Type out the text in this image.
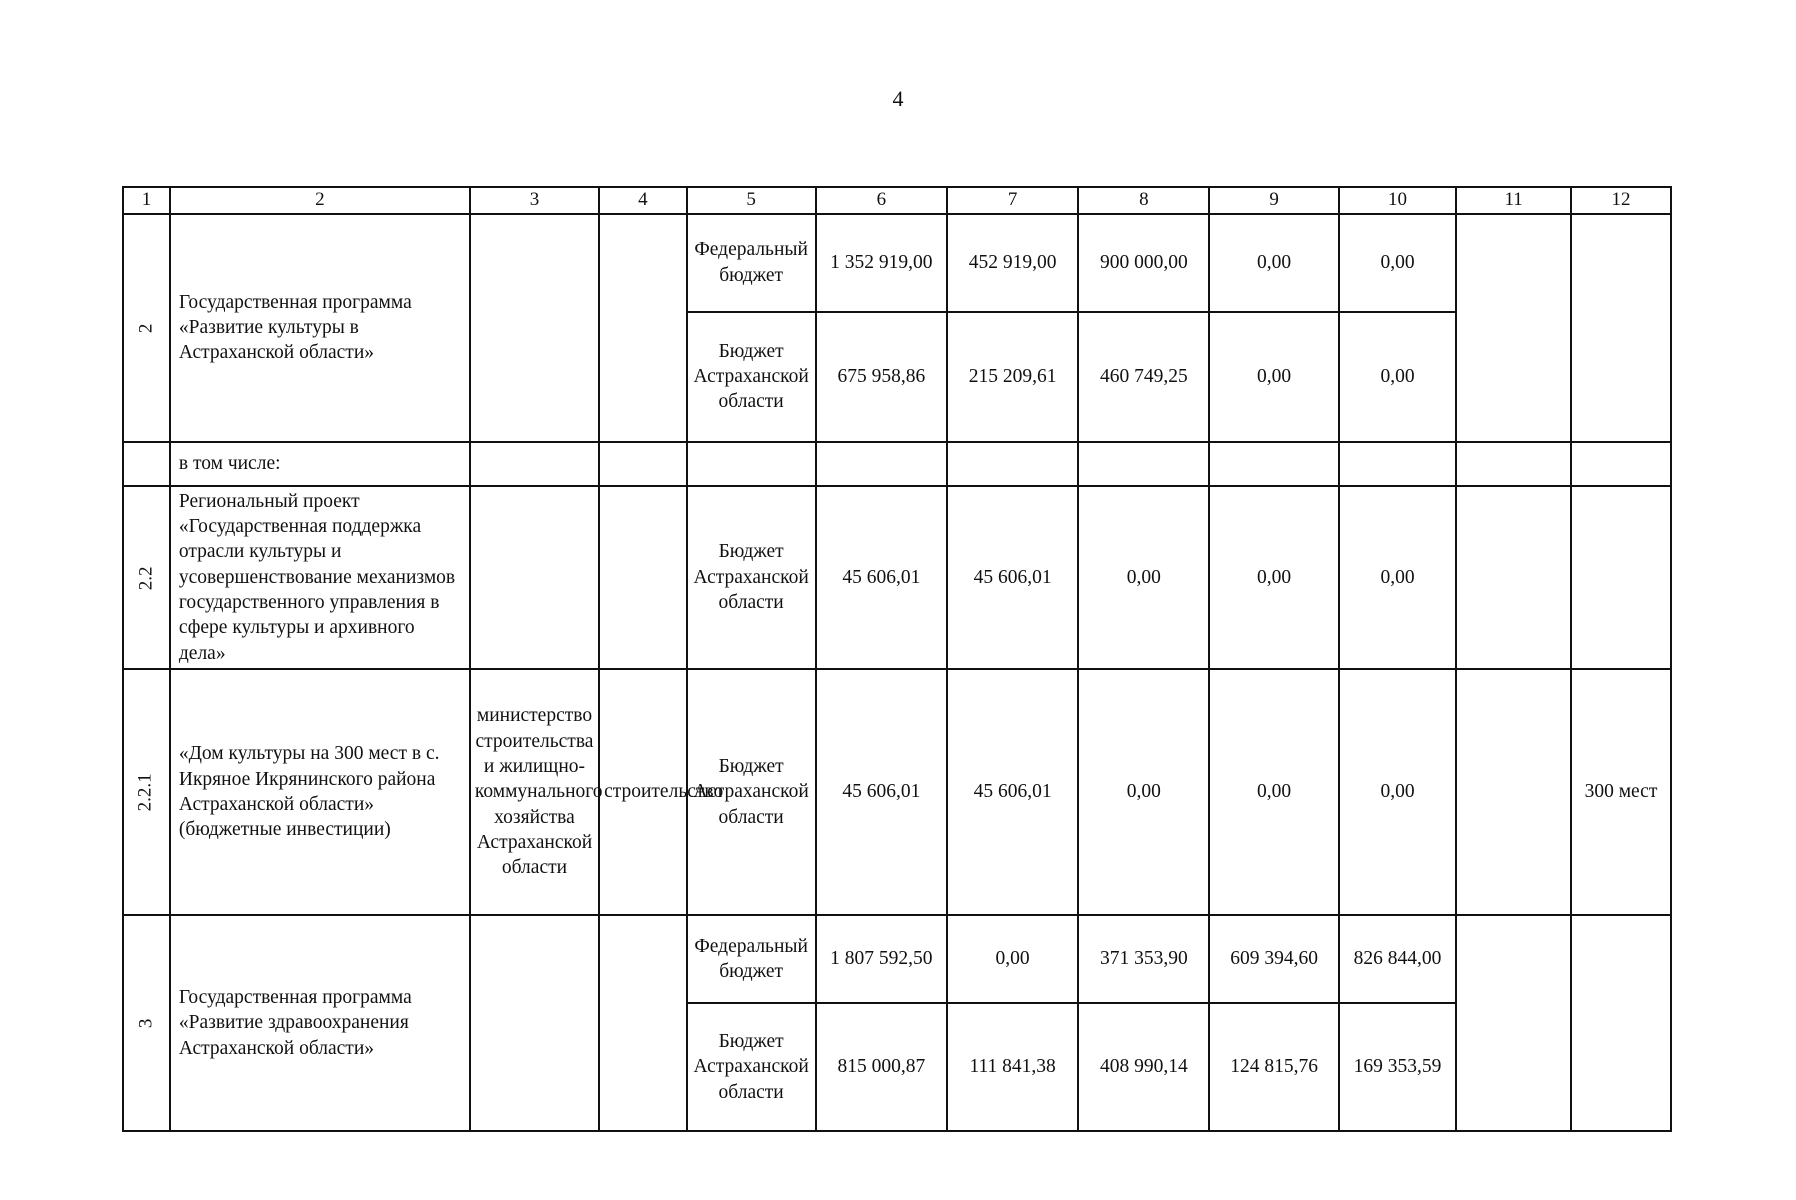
4
1	2	3	4	5	6	7	8	9	10	11	12
2	Государственная программа «Развитие культуры в Астраханской области»			Федеральный бюджет	1 352 919,00	452 919,00	900 000,00	0,00	0,00		
				Бюджет Астраханской области	675 958,86	215 209,61	460 749,25	0,00	0,00		
	в том числе:										
2.2	Региональный проект «Государственная поддержка отрасли культуры и усовершенствование механизмов государственного управления в сфере культуры и архивного дела»			Бюджет Астраханской области	45 606,01	45 606,01	0,00	0,00	0,00		
2.2.1	«Дом культуры на 300 мест в с. Икряное Икрянинского района Астраханской области» (бюджетные инвестиции)	министерство строительства и жилищно-коммунального хозяйства Астраханской области	строительство	Бюджет Астраханской области	45 606,01	45 606,01	0,00	0,00	0,00		300 мест
3	Государственная программа «Развитие здравоохранения Астраханской области»			Федеральный бюджет	1 807 592,50	0,00	371 353,90	609 394,60	826 844,00		
				Бюджет Астраханской области	815 000,87	111 841,38	408 990,14	124 815,76	169 353,59		
